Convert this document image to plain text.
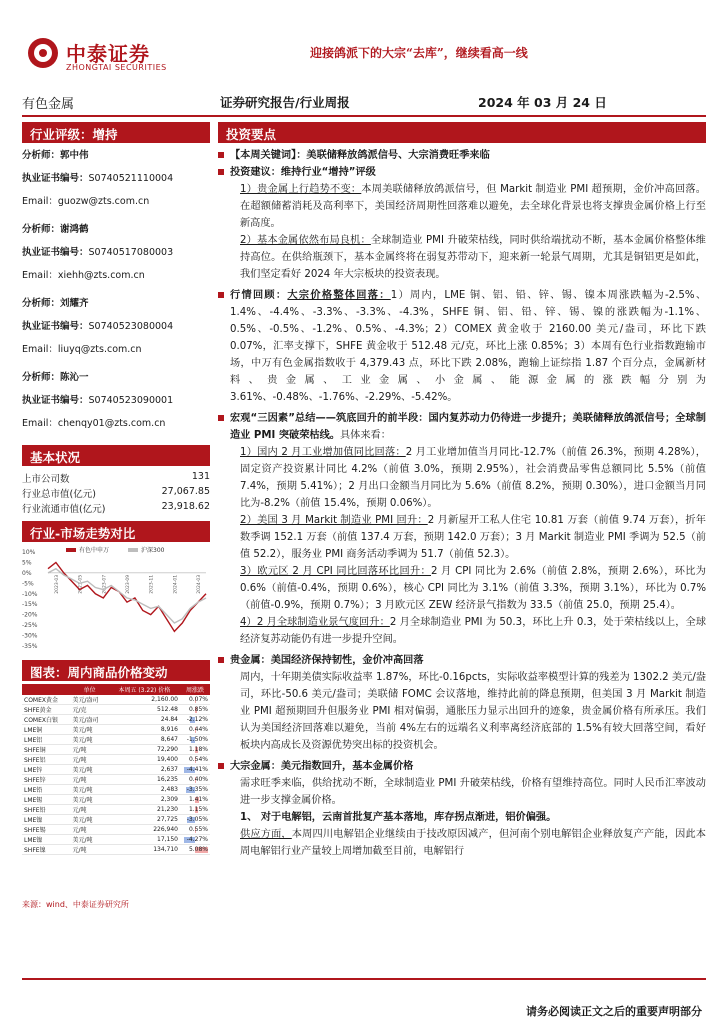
中泰证券
ZHONGTAI SECURITIES
迎接鸽派下的大宗“去库”，继续看高一线
有色金属	证券研究报告/行业周报	2024 年 03 月 24 日
行业评级：增持

分析师：郭中伟

执业证书编号：S0740521110004

Email：guozw@zts.com.cn

分析师：谢鸿鹤

执业证书编号：S0740517080003

Email：xiehh@zts.com.cn

分析师：刘耀齐

执业证书编号：S0740523080004

Email：liuyq@zts.com.cn

分析师：陈沁一

执业证书编号：S0740523090001

Email：chenqy01@zts.com.cn

基本状况
上市公司数	131
行业总市值(亿元)	27,067.85
行业流通市值(亿元)	23,918.62
行业-市场走势对比
10%
5%
0%
-5%
-10%
-15%
-20%
-25%
-30%
-35%
2023-03	2023-05	2023-07	2023-09	2023-11	2024-01	2024-03
有色中申万	沪深300
图表：周内商品价格变动
	单位	本周五 (3.22) 价格	周涨跌
COMEX黄金	美元/盎司	2,160.00	0.07%

SHFE黄金	元/克	512.48	0.85%

COMEX白银	美元/盎司	24.84	-2.12%

LME铜	美元/吨	8,916	0.44%

LME铝	美元/吨	8,647	-1.50%

SHFE铜	元/吨	72,290	1.18%

SHFE铝	元/吨	19,400	0.54%

LME锌	美元/吨	2,637	-4.41%

SHFE锌	元/吨	16,235	0.40%

LME铅	美元/吨	2,483	-3.35%

LME锡	美元/吨	2,309	1.41%

SHFE铅	元/吨	21,230	1.15%

LME镍	美元/吨	27,725	-3.05%

SHFE锡	元/吨	226,940	0.55%

LME镍	美元/吨	17,150	-4.27%

SHFE镍	元/吨	134,710	5.08%
来源：wind、中泰证券研究所
投资要点
【本周关键词】：美联储释放鸽派信号、大宗消费旺季来临
投资建议：维持行业“增持”评级
1）贵金属上行趋势不变：本周美联储释放鸽派信号，但 Markit 制造业 PMI 超预期，金价冲高回落。在超额储蓄消耗及高利率下，美国经济周期性回落难以避免，去全球化背景也将支撑贵金属价格上行至新高度。
2）基本金属依然布局良机：全球制造业 PMI 升破荣枯线，同时供给端扰动不断，基本金属价格整体维持高位。在供给瓶颈下，基本金属终将在弱复苏带动下，迎来新一轮景气周期，尤其是铜铝更是如此，我们坚定看好 2024 年大宗板块的投资表现。
行情回顾：大宗价格整体回落：1）周内，LME 铜、铝、铅、锌、锡、镍本周涨跌幅为-2.5%、1.4%、-4.4%、-3.3%、-3.3%、-4.3%，SHFE 铜、铝、铅、锌、锡、镍的涨跌幅为-1.1%、0.5%、-0.5%、-1.2%、0.5%、-4.3%；2）COMEX 黄金收于 2160.00 美元/盎司，环比下跌 0.07%，汇率支撑下，SHFE 黄金收于 512.48 元/克，环比上涨 0.85%；3）本周有色行业指数跑输市场，中万有色金属指数收于 4,379.43 点，环比下跌 2.08%，跑输上证综指 1.87 个百分点，金属新材料、贵金属、工业金属、小金属、能源金属的涨跌幅分别为 3.61%、-0.48%、-1.76%、-2.29%、-5.42%。
宏观“三因素”总结——筑底回升的前半段：国内复苏动力仍待进一步提升；美联储释放鸽派信号；全球制造业 PMI 突破荣枯线。具体来看：
1）国内 2 月工业增加值同比回落：2 月工业增加值当月同比-12.7%（前值 26.3%，预期 4.28%），固定资产投资累计同比 4.2%（前值 3.0%，预期 2.95%），社会消费品零售总额同比 5.5%（前值 7.4%，预期 5.41%）；2 月出口金额当月同比为 5.6%（前值 8.2%，预期 0.30%），进口金额当月同比为-8.2%（前值 15.4%，预期 0.06%）。
2）美国 3 月 Markit 制造业 PMI 回升：2 月新屋开工私人住宅 10.81 万套（前值 9.74 万套），折年数季调 152.1 万套（前值 137.4 万套，预期 142.0 万套）；3 月 Markit 制造业 PMI 季调为 52.5（前值 52.2），服务业 PMI 商务活动季调为 51.7（前值 52.3）。
3）欧元区 2 月 CPI 同比回落环比回升：2 月 CPI 同比为 2.6%（前值 2.8%，预期 2.6%），环比为 0.6%（前值-0.4%，预期 0.6%），核心 CPI 同比为 3.1%（前值 3.3%，预期 3.1%），环比为 0.7%（前值-0.9%，预期 0.7%）；3 月欧元区 ZEW 经济景气指数为 33.5（前值 25.0，预期 25.4）。
4）2 月全球制造业景气度回升：2 月全球制造业 PMI 为 50.3，环比上升 0.3，处于荣枯线以上，全球经济复苏动能仍有进一步提升空间。
贵金属：美国经济保持韧性，金价冲高回落
周内，十年期美债实际收益率 1.87%，环比-0.16pcts，实际收益率模型计算的残差为 1302.2 美元/盎司，环比-50.6 美元/盎司；美联储 FOMC 会议落地，维持此前的降息预期，但美国 3 月 Markit 制造业 PMI 超预期回升但服务业 PMI 相对偏弱，通胀压力显示出回升的迹象，贵金属价格有所承压。我们认为美国经济回落难以避免，当前 4%左右的远端名义利率离经济底部的 1.5%有较大回落空间，看好板块内高成长及资源优势突出标的投资机会。
大宗金属：美元指数回升，基本金属价格
需求旺季来临，供给扰动不断，全球制造业 PMI 升破荣枯线，价格有望维持高位。同时人民币汇率波动进一步支撑金属价格。
1、 对于电解铝，云南首批复产基本落地，库存拐点渐进，铝价偏强。
供应方面，本周四川电解铝企业继续由于技改原因减产，但河南个别电解铝企业释放复产产能，因此本周电解铝行业产量较上周增加截至目前，电解铝行
请务必阅读正文之后的重要声明部分
